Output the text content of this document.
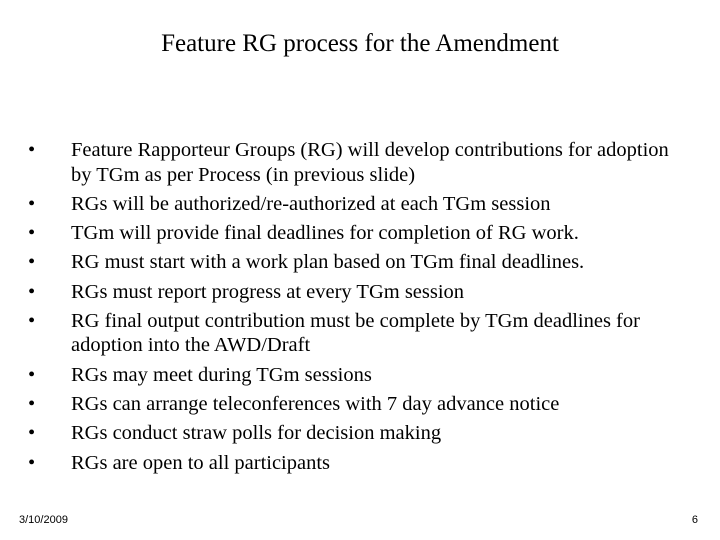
Feature RG process for the Amendment
•	Feature Rapporteur Groups (RG) will develop contributions for adoption by TGm as per Process (in previous slide)
•	RGs will be authorized/re-authorized at each TGm session
•	TGm will provide final deadlines for completion of RG work.
•	RG must start with a work plan based on TGm final deadlines.
•	RGs must report progress at every TGm session
•	RG final output contribution must be complete by TGm deadlines for adoption into the AWD/Draft
•	RGs may meet during TGm sessions
•	RGs can arrange teleconferences with 7 day advance notice
•	RGs conduct straw polls for decision making
•	RGs are open to all participants
3/10/2009	6
